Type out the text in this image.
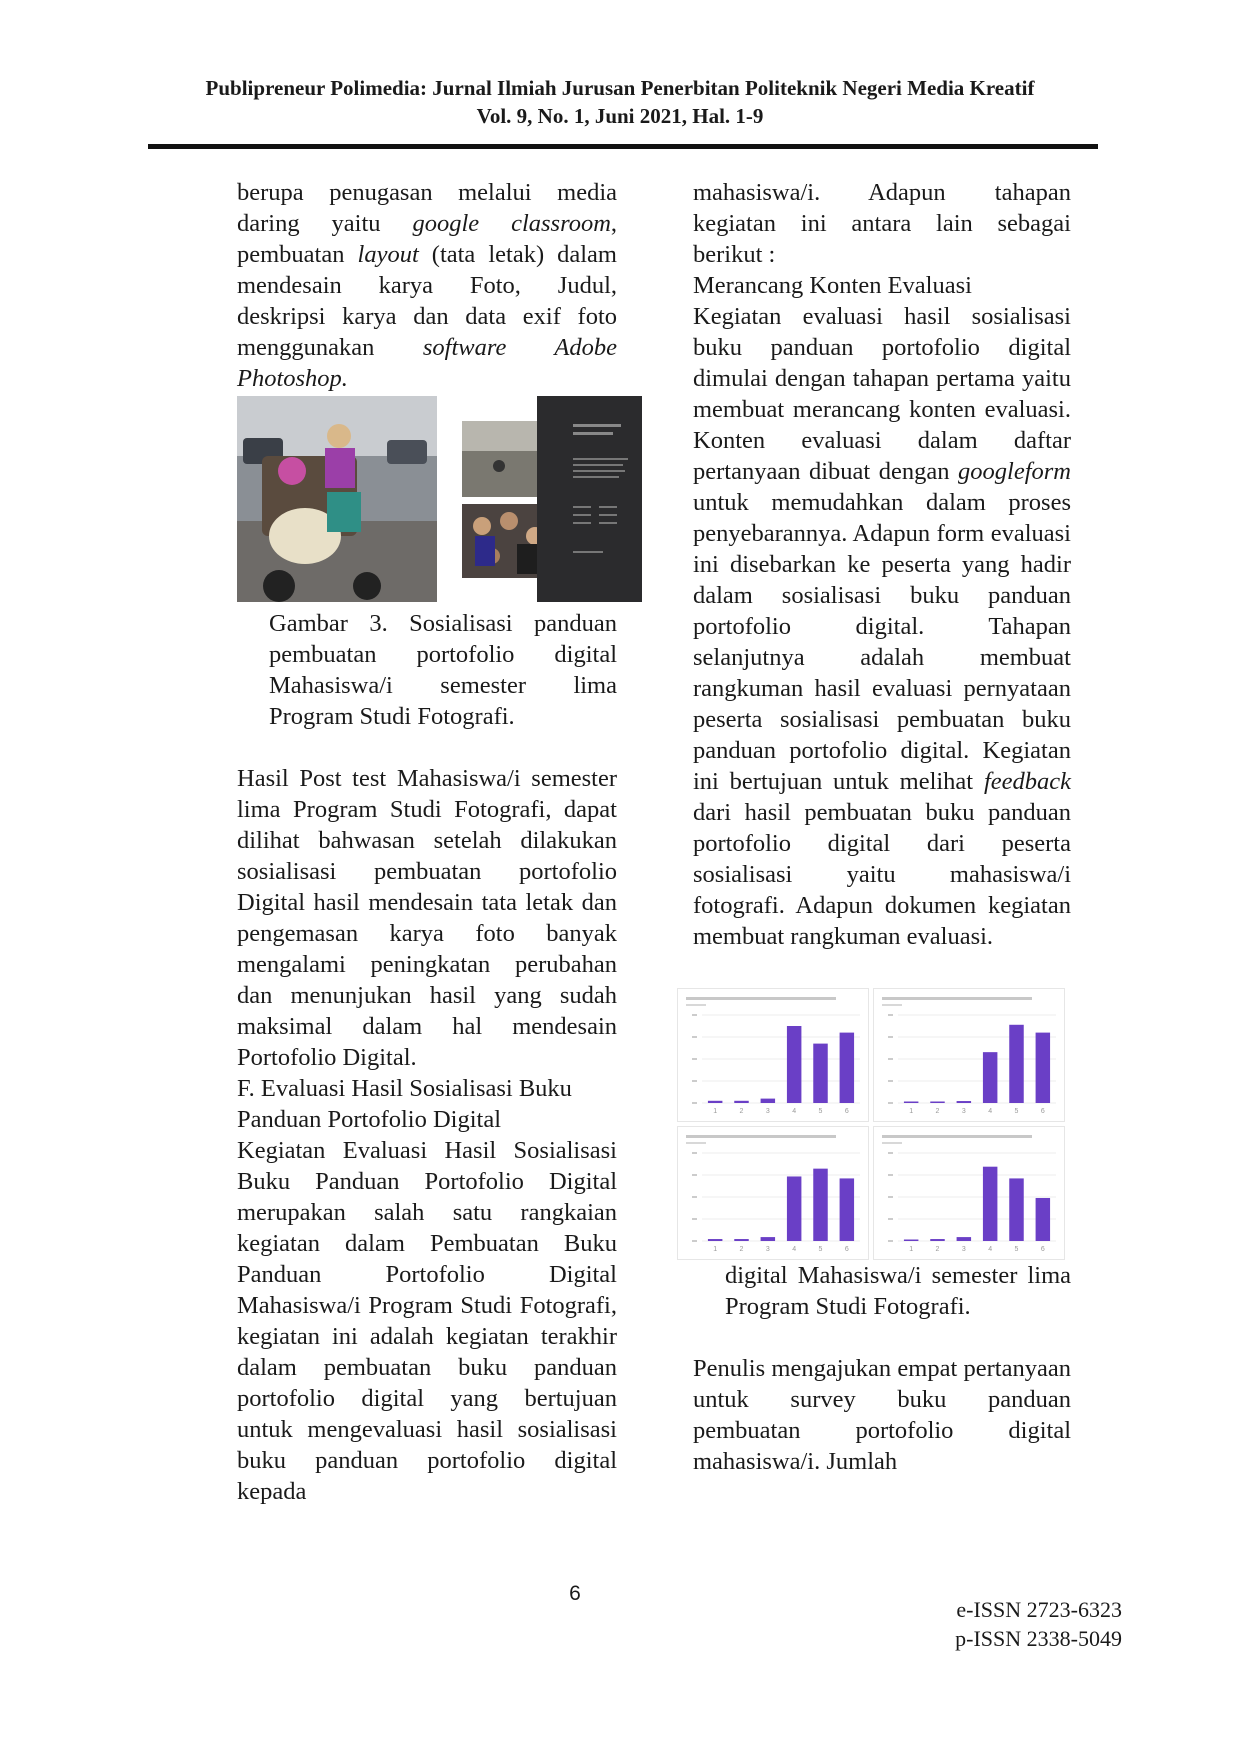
Publipreneur Polimedia: Jurnal Ilmiah Jurusan Penerbitan Politeknik Negeri Media Kreatif
Vol. 9, No. 1, Juni 2021, Hal. 1-9

berupa penugasan melalui media daring yaitu google classroom, pembuatan layout (tata letak) dalam mendesain karya Foto, Judul, deskripsi karya dan data exif foto menggunakan software Adobe Photoshop.

Gambar 3. Sosialisasi panduan pembuatan portofolio digital Mahasiswa/i semester lima Program Studi Fotografi.

Hasil Post test Mahasiswa/i semester lima Program Studi Fotografi, dapat dilihat bahwasan setelah dilakukan sosialisasi pembuatan portofolio Digital hasil mendesain tata letak dan pengemasan karya foto banyak mengalami peningkatan perubahan dan menunjukan hasil yang sudah maksimal dalam hal mendesain Portofolio Digital.

F. Evaluasi Hasil Sosialisasi Buku Panduan Portofolio Digital

Kegiatan Evaluasi Hasil Sosialisasi Buku Panduan Portofolio Digital merupakan salah satu rangkaian kegiatan dalam Pembuatan Buku Panduan Portofolio Digital Mahasiswa/i Program Studi Fotografi, kegiatan ini adalah kegiatan terakhir dalam pembuatan buku panduan portofolio digital yang bertujuan untuk mengevaluasi hasil sosialisasi buku panduan portofolio digital kepada

mahasiswa/i. Adapun tahapan kegiatan ini antara lain sebagai berikut :

Merancang Konten Evaluasi

Kegiatan evaluasi hasil sosialisasi buku panduan portofolio digital dimulai dengan tahapan pertama yaitu membuat merancang konten evaluasi. Konten evaluasi dalam daftar pertanyaan dibuat dengan googleform untuk memudahkan dalam proses penyebarannya. Adapun form evaluasi ini disebarkan ke peserta yang hadir dalam sosialisasi buku panduan portofolio digital. Tahapan selanjutnya adalah membuat rangkuman hasil evaluasi pernyataan peserta sosialisasi pembuatan buku panduan portofolio digital. Kegiatan ini bertujuan untuk melihat feedback dari hasil pembuatan buku panduan portofolio digital dari peserta sosialisasi yaitu mahasiswa/i fotografi. Adapun dokumen kegiatan membuat rangkuman evaluasi.

1	2	3	4	5	6	1	2	3	4	5	6
1	2	3	4	5	6	1	2	3	4	5	6

digital Mahasiswa/i semester lima Program Studi Fotografi.

Penulis mengajukan empat pertanyaan untuk survey buku panduan pembuatan portofolio digital mahasiswa/i. Jumlah

6
e-ISSN 2723-6323
p-ISSN 2338-5049
